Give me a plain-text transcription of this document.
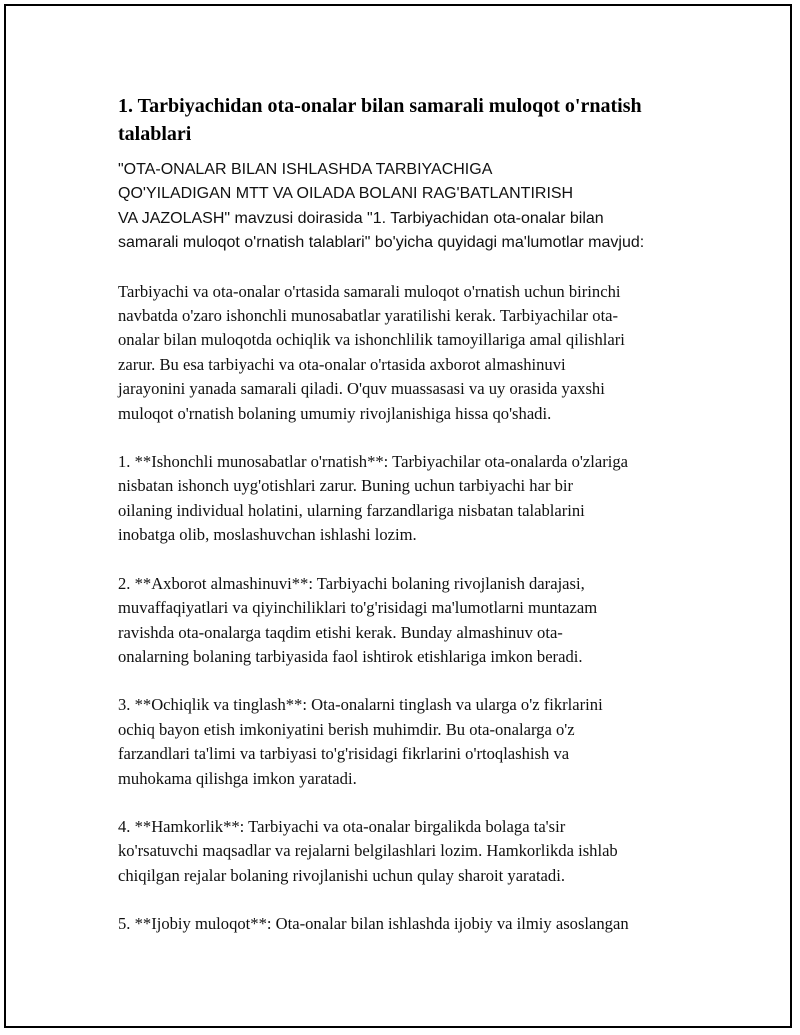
1. Tarbiyachidan ota-onalar bilan samarali muloqot o'rnatish
talablari

"OTA-ONALAR BILAN ISHLASHDA TARBIYACHIGA
QO'YILADIGAN MTT VA OILADA BOLANI RAG'BATLANTIRISH
VA JAZOLASH" mavzusi doirasida "1. Tarbiyachidan ota-onalar bilan
samarali muloqot o'rnatish talablari" bo'yicha quyidagi ma'lumotlar mavjud:

Tarbiyachi va ota-onalar o'rtasida samarali muloqot o'rnatish uchun birinchi
navbatda o'zaro ishonchli munosabatlar yaratilishi kerak. Tarbiyachilar ota-
onalar bilan muloqotda ochiqlik va ishonchlilik tamoyillariga amal qilishlari
zarur. Bu esa tarbiyachi va ota-onalar o'rtasida axborot almashinuvi
jarayonini yanada samarali qiladi. O'quv muassasasi va uy orasida yaxshi
muloqot o'rnatish bolaning umumiy rivojlanishiga hissa qo'shadi.

1. **Ishonchli munosabatlar o'rnatish**: Tarbiyachilar ota-onalarda o'zlariga
nisbatan ishonch uyg'otishlari zarur. Buning uchun tarbiyachi har bir
oilaning individual holatini, ularning farzandlariga nisbatan talablarini
inobatga olib, moslashuvchan ishlashi lozim.

2. **Axborot almashinuvi**: Tarbiyachi bolaning rivojlanish darajasi,
muvaffaqiyatlari va qiyinchiliklari to'g'risidagi ma'lumotlarni muntazam
ravishda ota-onalarga taqdim etishi kerak. Bunday almashinuv ota-
onalarning bolaning tarbiyasida faol ishtirok etishlariga imkon beradi.

3. **Ochiqlik va tinglash**: Ota-onalarni tinglash va ularga o'z fikrlarini
ochiq bayon etish imkoniyatini berish muhimdir. Bu ota-onalarga o'z
farzandlari ta'limi va tarbiyasi to'g'risidagi fikrlarini o'rtoqlashish va
muhokama qilishga imkon yaratadi.

4. **Hamkorlik**: Tarbiyachi va ota-onalar birgalikda bolaga ta'sir
ko'rsatuvchi maqsadlar va rejalarni belgilashlari lozim. Hamkorlikda ishlab
chiqilgan rejalar bolaning rivojlanishi uchun qulay sharoit yaratadi.

5. **Ijobiy muloqot**: Ota-onalar bilan ishlashda ijobiy va ilmiy asoslangan
